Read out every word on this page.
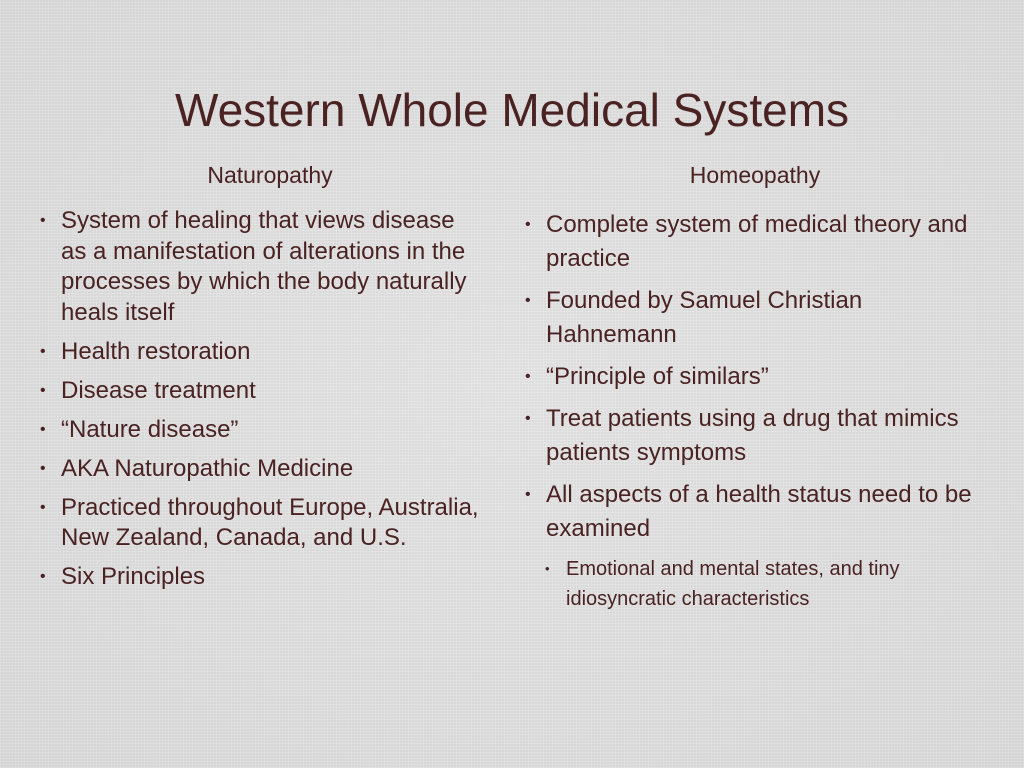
Western Whole Medical Systems
Naturopathy	Homeopathy
• System of healing that views disease as a manifestation of alterations in the processes by which the body naturally heals itself
• Health restoration
• Disease treatment
• “Nature disease”
• AKA Naturopathic Medicine
• Practiced throughout Europe, Australia, New Zealand, Canada, and U.S.
• Six Principles
• Complete system of medical theory and practice
• Founded by Samuel Christian Hahnemann
• “Principle of similars”
• Treat patients using a drug that mimics patients symptoms
• All aspects of a health status need to be examined
• Emotional and mental states, and tiny idiosyncratic characteristics
